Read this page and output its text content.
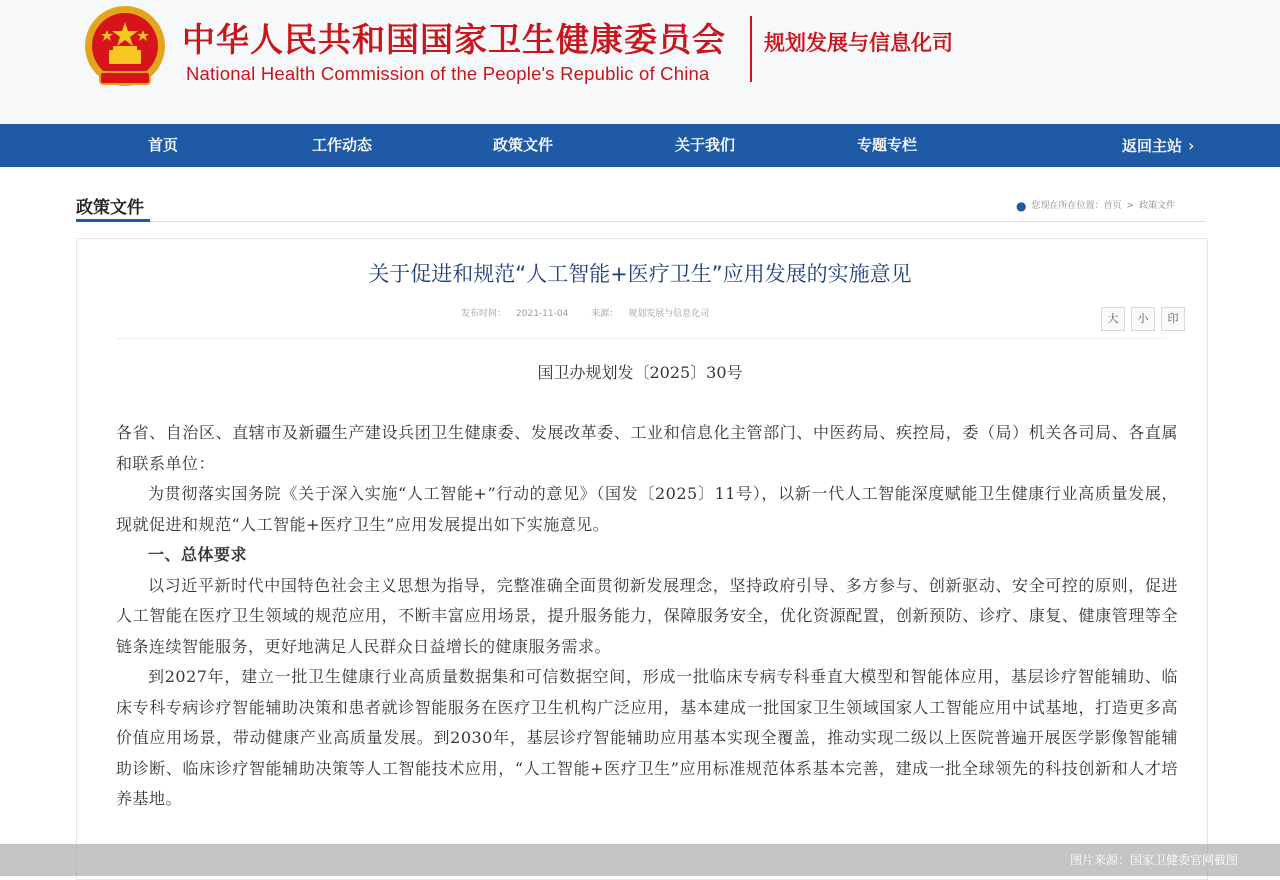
中华人民共和国国家卫生健康委员会
National Health Commission of the People's Republic of China
规划发展与信息化司
首页	工作动态	政策文件	关于我们	专题专栏	返回主站 ›
政策文件	● 您现在所在位置：首页 > 政策文件
关于促进和规范“人工智能+医疗卫生”应用发展的实施意见
发布时间： 2021-11-04	来源： 规划发展与信息化司	大	小	印
国卫办规划发〔2025〕30号

各省、自治区、直辖市及新疆生产建设兵团卫生健康委、发展改革委、工业和信息化主管部门、中医药局、疾控局，委（局）机关各司局、各直属和联系单位：

为贯彻落实国务院《关于深入实施“人工智能+”行动的意见》（国发〔2025〕11号），以新一代人工智能深度赋能卫生健康行业高质量发展，现就促进和规范“人工智能+医疗卫生”应用发展提出如下实施意见。

一、总体要求

以习近平新时代中国特色社会主义思想为指导，完整准确全面贯彻新发展理念，坚持政府引导、多方参与、创新驱动、安全可控的原则，促进人工智能在医疗卫生领域的规范应用，不断丰富应用场景，提升服务能力，保障服务安全，优化资源配置，创新预防、诊疗、康复、健康管理等全链条连续智能服务，更好地满足人民群众日益增长的健康服务需求。

到2027年，建立一批卫生健康行业高质量数据集和可信数据空间，形成一批临床专病专科垂直大模型和智能体应用，基层诊疗智能辅助、临床专科专病诊疗智能辅助决策和患者就诊智能服务在医疗卫生机构广泛应用，基本建成一批国家卫生领域国家人工智能应用中试基地，打造更多高价值应用场景，带动健康产业高质量发展。到2030年，基层诊疗智能辅助应用基本实现全覆盖，推动实现二级以上医院普遍开展医学影像智能辅助诊断、临床诊疗智能辅助决策等人工智能技术应用，“人工智能+医疗卫生”应用标准规范体系基本完善，建成一批全球领先的科技创新和人才培养基地。

图片来源：国家卫健委官网截图
